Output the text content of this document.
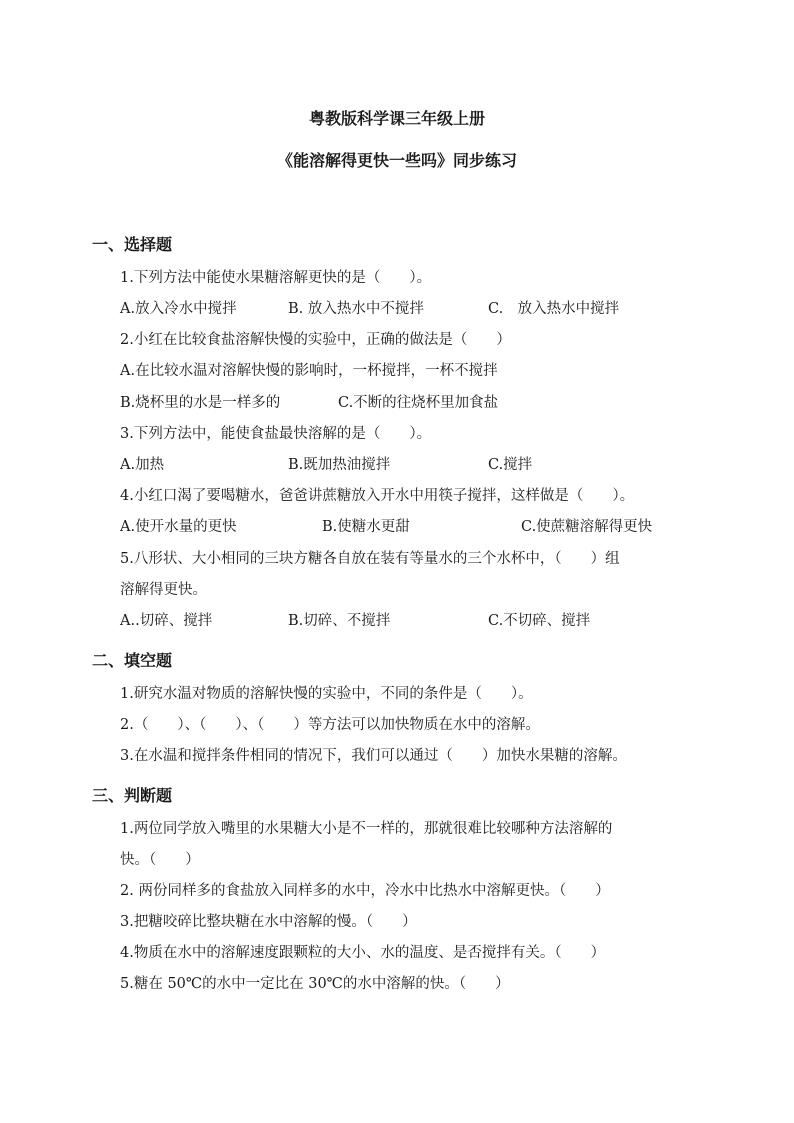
粤教版科学课三年级上册
《能溶解得更快一些吗》同步练习
一、选择题
1.下列方法中能使水果糖溶解更快的是（　　）。
A.放入冷水中搅拌	B. 放入热水中不搅拌	C.　放入热水中搅拌
2.小红在比较食盐溶解快慢的实验中，正确的做法是（　　）
A.在比较水温对溶解快慢的影响时，一杯搅拌，一杯不搅拌
B.烧杯里的水是一样多的	C.不断的往烧杯里加食盐
3.下列方法中，能使食盐最快溶解的是（　　）。
A.加热	B.既加热油搅拌	C.搅拌
4.小红口渴了要喝糖水，爸爸讲蔗糖放入开水中用筷子搅拌，这样做是（　　）。
A.使开水量的更快	B.使糖水更甜	C.使蔗糖溶解得更快
5.八形状、大小相同的三块方糖各自放在装有等量水的三个水杯中，（　　）组
溶解得更快。
A..切碎、搅拌	B.切碎、不搅拌	C.不切碎、搅拌
二、填空题
1.研究水温对物质的溶解快慢的实验中，不同的条件是（　　）。
2.（　　）、（　　）、（　　）等方法可以加快物质在水中的溶解。
3.在水温和搅拌条件相同的情况下，我们可以通过（　　）加快水果糖的溶解。
三、判断题
1.两位同学放入嘴里的水果糖大小是不一样的，那就很难比较哪种方法溶解的
快。（　　）
2. 两份同样多的食盐放入同样多的水中，冷水中比热水中溶解更快。（　　）
3.把糖咬碎比整块糖在水中溶解的慢。（　　）
4.物质在水中的溶解速度跟颗粒的大小、水的温度、是否搅拌有关。（　　）
5.糖在 50℃的水中一定比在 30℃的水中溶解的快。（　　）
